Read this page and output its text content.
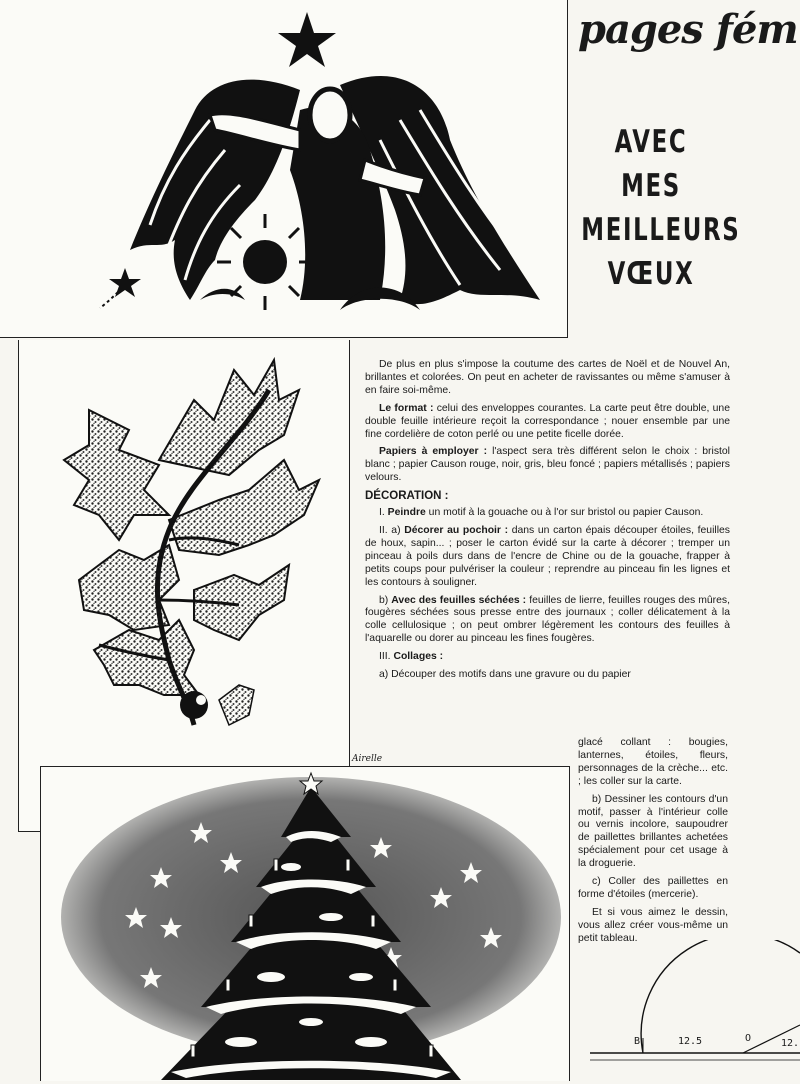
pages fém
AVEC
MES
MEILLEURS
VŒUX

De plus en plus s'impose la coutume des cartes de Noël et de Nouvel An, brillantes et colorées. On peut en acheter de ravissantes ou même s'amuser à en faire soi-même.

Le format : celui des enveloppes courantes. La carte peut être double, une double feuille intérieure reçoit la correspondance ; nouer ensemble par une fine cordelière de coton perlé ou une petite ficelle dorée.

Papiers à employer : l'aspect sera très différent selon le choix : bristol blanc ; papier Causon rouge, noir, gris, bleu foncé ; papiers métallisés ; papiers velours.

DÉCORATION :

I. Peindre un motif à la gouache ou à l'or sur bristol ou papier Causon.

II. a) Décorer au pochoir : dans un carton épais découper étoiles, feuilles de houx, sapin... ; poser le carton évidé sur la carte à décorer ; tremper un pinceau à poils durs dans de l'encre de Chine ou de la gouache, frapper à petits coups pour pulvériser la couleur ; reprendre au pinceau fin les lignes et les contours à souligner.

b) Avec des feuilles séchées : feuilles de lierre, feuilles rouges des mûres, fougères séchées sous presse entre des journaux ; coller délicatement à la colle cellulosique ; on peut ombrer légèrement les contours des feuilles à l'aquarelle ou dorer au pinceau les fines fougères.

III. Collages :

a) Découper des motifs dans une gravure ou du papier

glacé collant : bougies, lanternes, étoiles, fleurs, personnages de la crèche... etc. ; les coller sur la carte.

b) Dessiner les contours d'un motif, passer à l'intérieur colle ou vernis incolore, saupoudrer de paillettes brillantes achetées spécialement pour cet usage à la droguerie.

c) Coller des paillettes en forme d'étoiles (mercerie).

Et si vous aimez le dessin, vous allez créer vous-même un petit tableau.

Airelle
B	12.5	O	12.
